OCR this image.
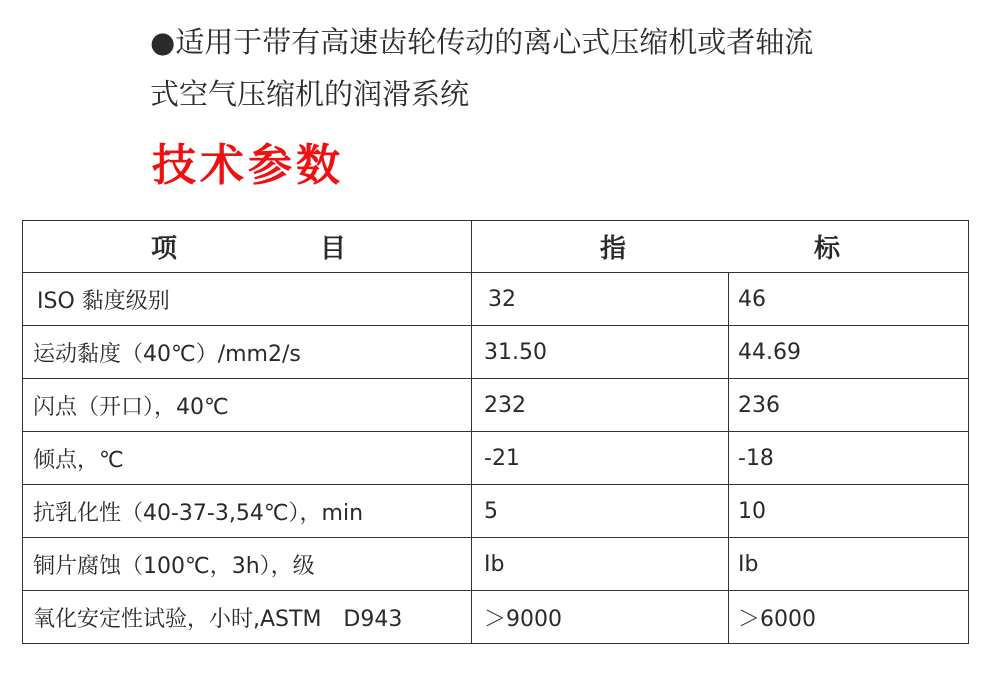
●适用于带有高速齿轮传动的离心式压缩机或者轴流
式空气压缩机的润滑系统
技术参数
项 目	指 标	

ISO 黏度级别	32	46
运动黏度（40℃）/mm2/s	31.50	44.69
闪点（开口），40℃	232	236
倾点，℃	-21	-18
抗乳化性（40-37-3,54℃），min	5	10
铜片腐蚀（100℃，3h），级	Ib	Ib
氧化安定性试验，小时,ASTM　D943	＞9000	＞6000
